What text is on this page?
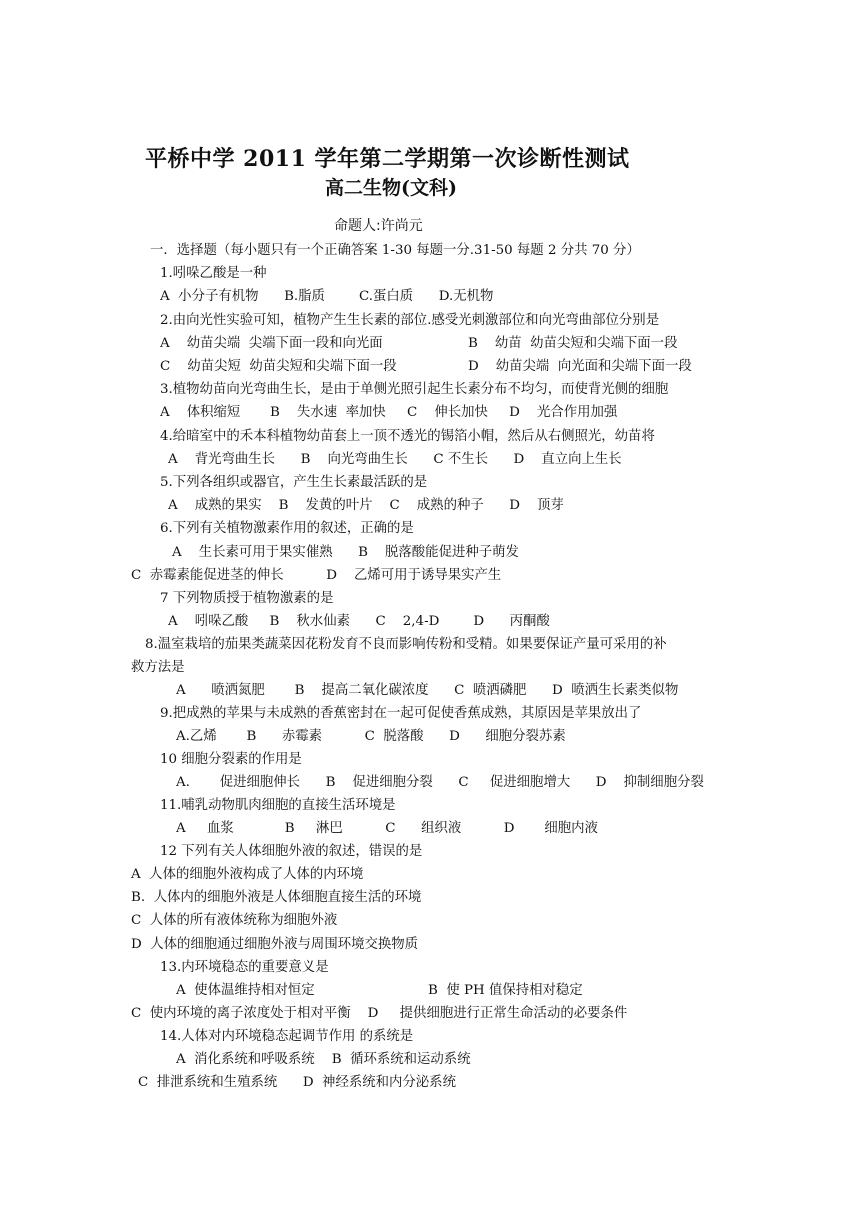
平桥中学 2011 学年第二学期第一次诊断性测试
高二生物(文科)
命题人:许尚元
一．选择题（每小题只有一个正确答案 1-30 每题一分.31-50 每题 2 分共 70 分）
1.吲哚乙酸是一种
A  小分子有机物      B.脂质        C.蛋白质      D.无机物
2.由向光性实验可知，植物产生生长素的部位.感受光刺激部位和向光弯曲部位分别是
A    幼苗尖端  尖端下面一段和向光面	B    幼苗  幼苗尖短和尖端下面一段
C    幼苗尖短  幼苗尖短和尖端下面一段	D    幼苗尖端  向光面和尖端下面一段
3.植物幼苗向光弯曲生长，是由于单侧光照引起生长素分布不均匀，而使背光侧的细胞
A    体积缩短       B    失水速  率加快     C    伸长加快     D    光合作用加强
4.给暗室中的禾本科植物幼苗套上一顶不透光的锡箔小帽，然后从右侧照光，幼苗将
A    背光弯曲生长      B    向光弯曲生长      C 不生长      D    直立向上生长
5.下列各组织或器官，产生生长素最活跃的是
A    成熟的果实    B    发黄的叶片    C    成熟的种子      D    顶芽
6.下列有关植物激素作用的叙述，正确的是
A    生长素可用于果实催熟      B    脱落酸能促进种子萌发
C  赤霉素能促进茎的伸长          D    乙烯可用于诱导果实产生
7 下列物质授于植物激素的是
A    吲哚乙酸     B    秋水仙素      C    2,4-D        D      丙酮酸
8.温室栽培的茄果类蔬菜因花粉发育不良而影响传粉和受精。如果要保证产量可采用的补
救方法是
A      喷洒氮肥       B    提高二氧化碳浓度      C  喷洒磷肥      D  喷洒生长素类似物
9.把成熟的苹果与未成熟的香蕉密封在一起可促使香蕉成熟，其原因是苹果放出了
A.乙烯       B      赤霉素          C  脱落酸      D      细胞分裂苏素
10 细胞分裂素的作用是
A.       促进细胞伸长      B    促进细胞分裂      C     促进细胞增大      D    抑制细胞分裂
11.哺乳动物肌肉细胞的直接生活环境是
A     血浆            B     淋巴          C      组织液          D       细胞内液
12 下列有关人体细胞外液的叙述，错误的是
A  人体的细胞外液构成了人体的内环境
B.  人体内的细胞外液是人体细胞直接生活的环境
C  人体的所有液体统称为细胞外液
D  人体的细胞通过细胞外液与周围环境交换物质
13.内环境稳态的重要意义是
A  使体温维持相对恒定	B  使 PH 值保持相对稳定
C  使内环境的离子浓度处于相对平衡    D     提供细胞进行正常生命活动的必要条件
14.人体对内环境稳态起调节作用 的系统是
A  消化系统和呼吸系统    B  循环系统和运动系统
C  排泄系统和生殖系统      D  神经系统和内分泌系统
